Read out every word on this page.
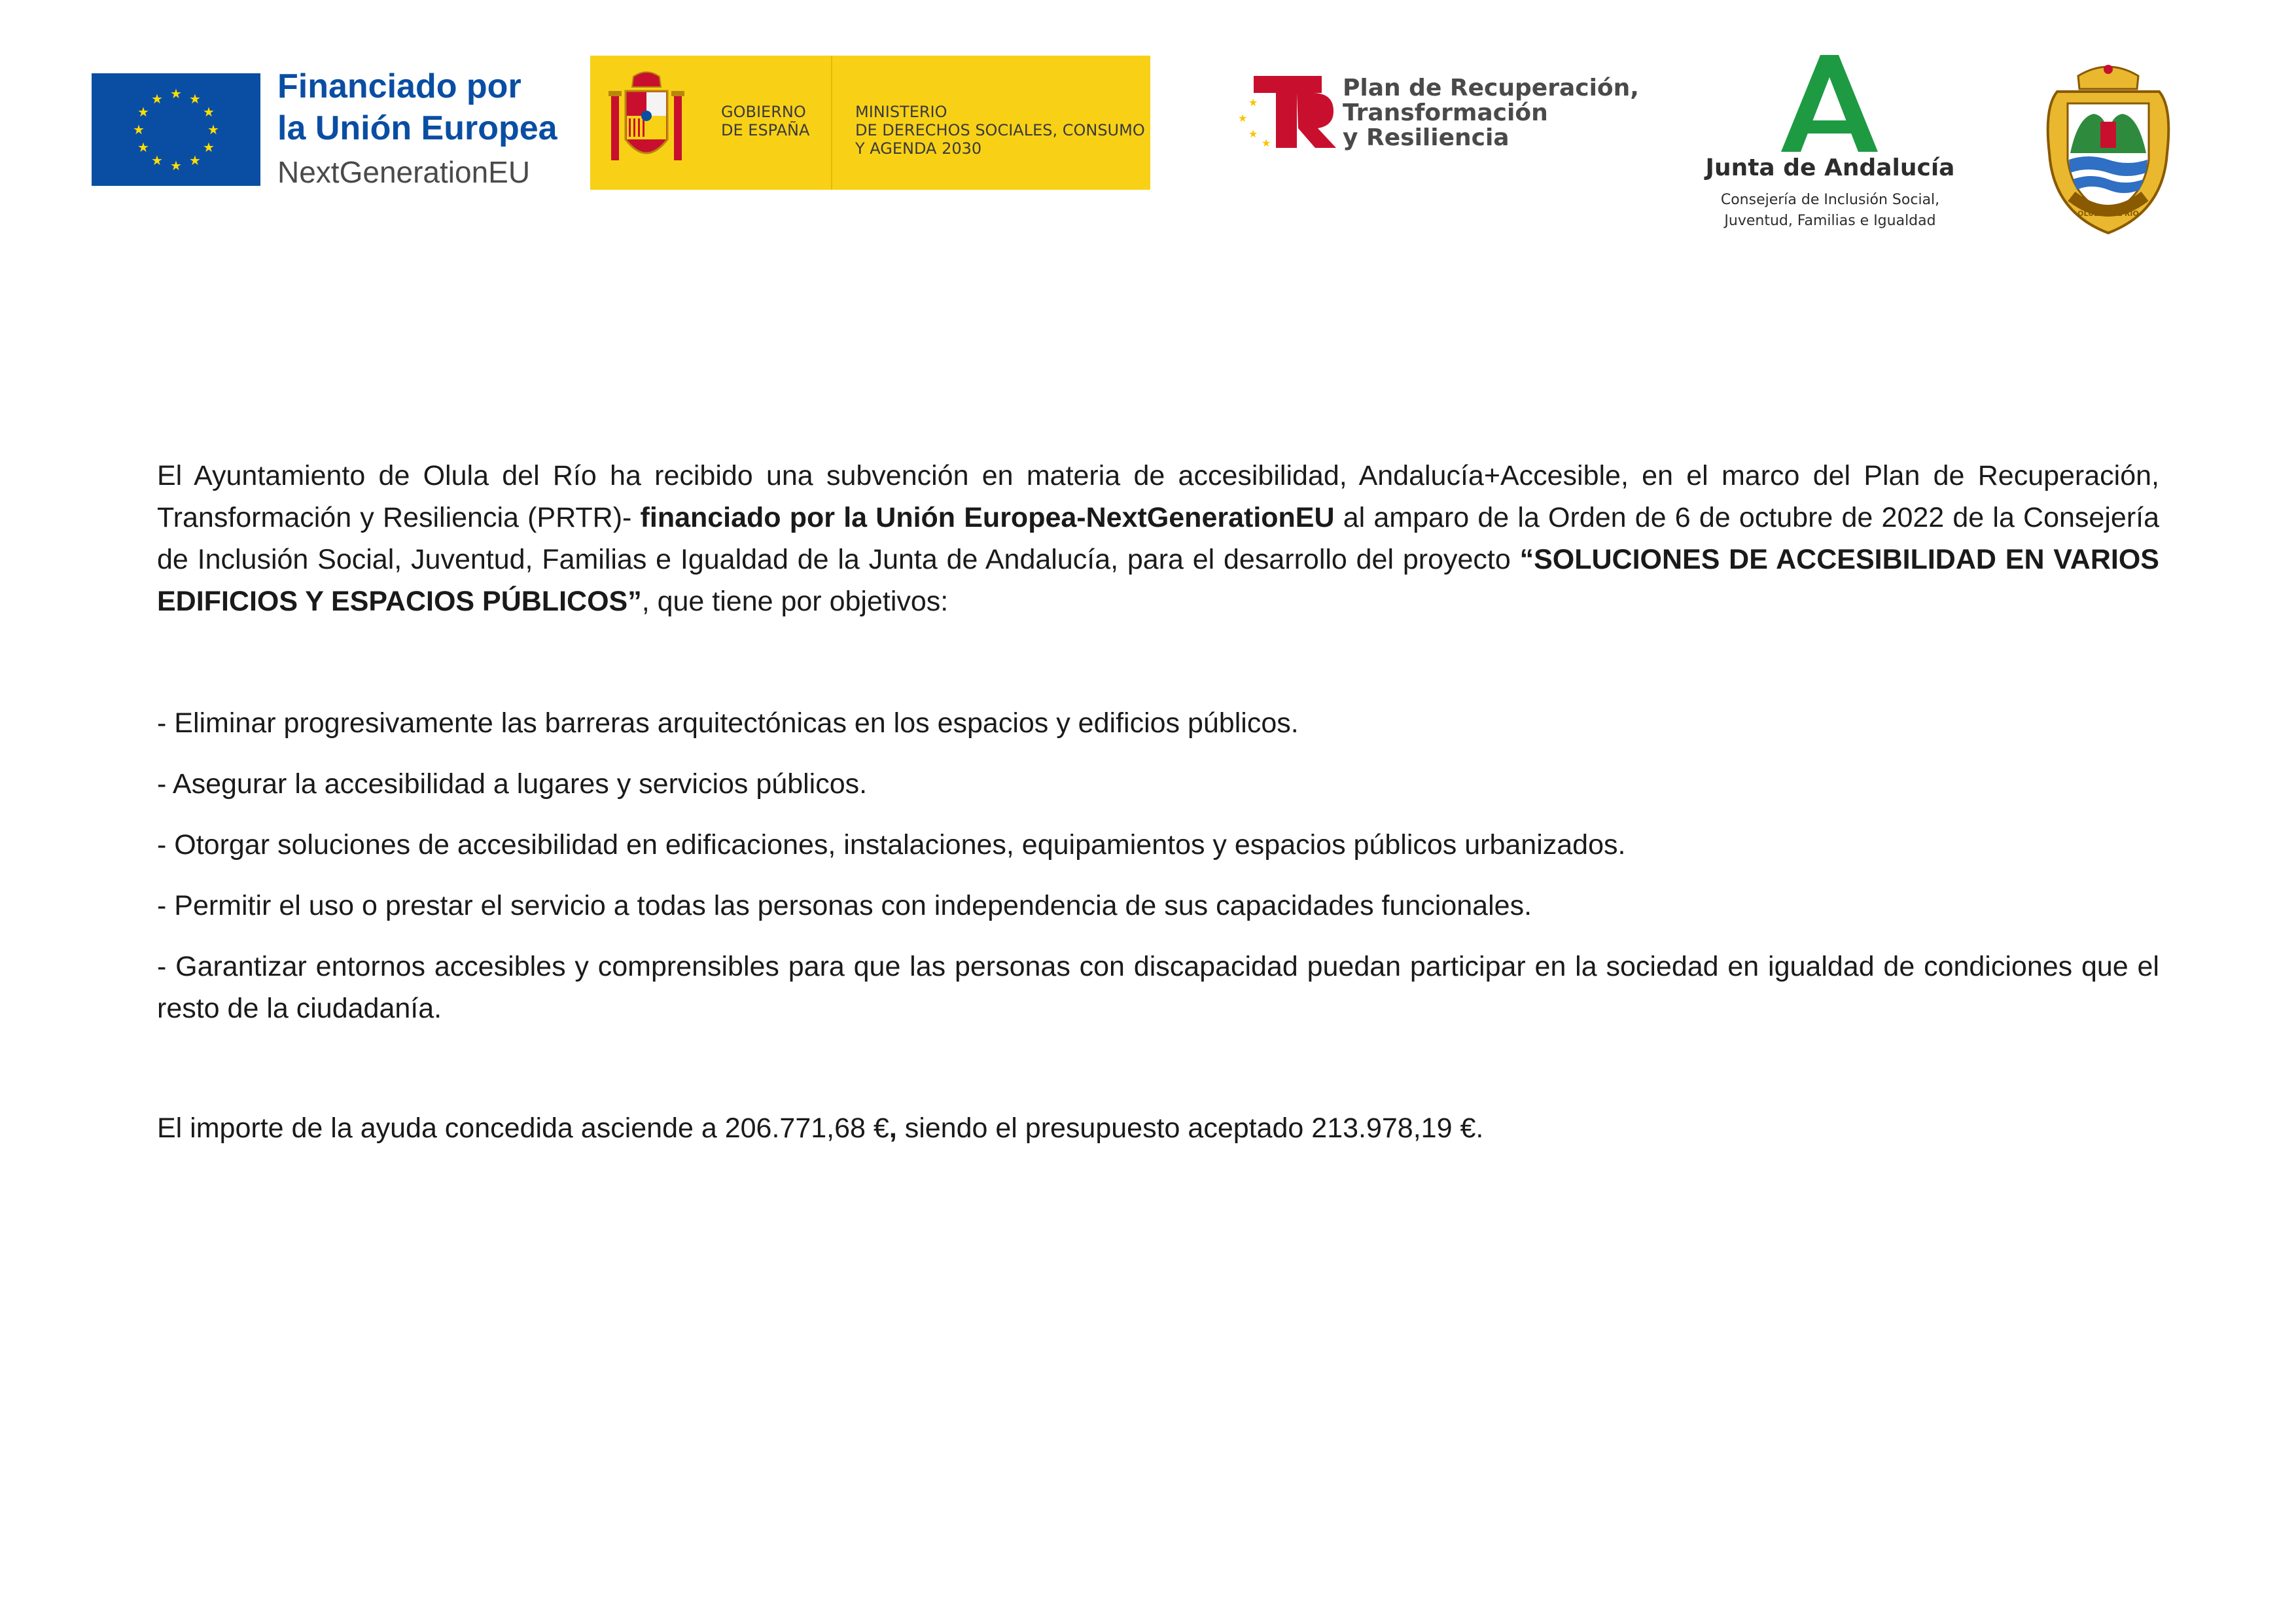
★ ★
★
★
★
★
★
★
★
★
★
★	Financiado por
la Unión Europea
NextGenerationEU
GOBIERNO
DE ESPAÑA
MINISTERIO
DE DERECHOS SOCIALES, CONSUMO
Y AGENDA 2030
★
★
★
★
Plan de Recuperación,
Transformación
y Resiliencia
Junta de Andalucía
Consejería de Inclusión Social,
Juventud, Familias e Igualdad	OLULA DEL RIO

El Ayuntamiento de Olula del Río ha recibido una subvención en materia de accesibilidad, Andalucía+Accesible, en el marco del Plan de Recuperación, Transformación y Resiliencia (PRTR)- financiado por la Unión Europea-NextGenerationEU al amparo de la Orden de 6 de octubre de 2022 de la Consejería de Inclusión Social, Juventud, Familias e Igualdad de la Junta de Andalucía, para el desarrollo del proyecto “SOLUCIONES DE ACCESIBILIDAD EN VARIOS EDIFICIOS Y ESPACIOS PÚBLICOS”, que tiene por objetivos:

- Eliminar progresivamente las barreras arquitectónicas en los espacios y edificios públicos.

- Asegurar la accesibilidad a lugares y servicios públicos.

- Otorgar soluciones de accesibilidad en edificaciones, instalaciones, equipamientos y espacios públicos urbanizados.

- Permitir el uso o prestar el servicio a todas las personas con independencia de sus capacidades funcionales.

- Garantizar entornos accesibles y comprensibles para que las personas con discapacidad puedan participar en la sociedad en igualdad de condiciones que el resto de la ciudadanía.

El importe de la ayuda concedida asciende a 206.771,68 €, siendo el presupuesto aceptado 213.978,19 €.
